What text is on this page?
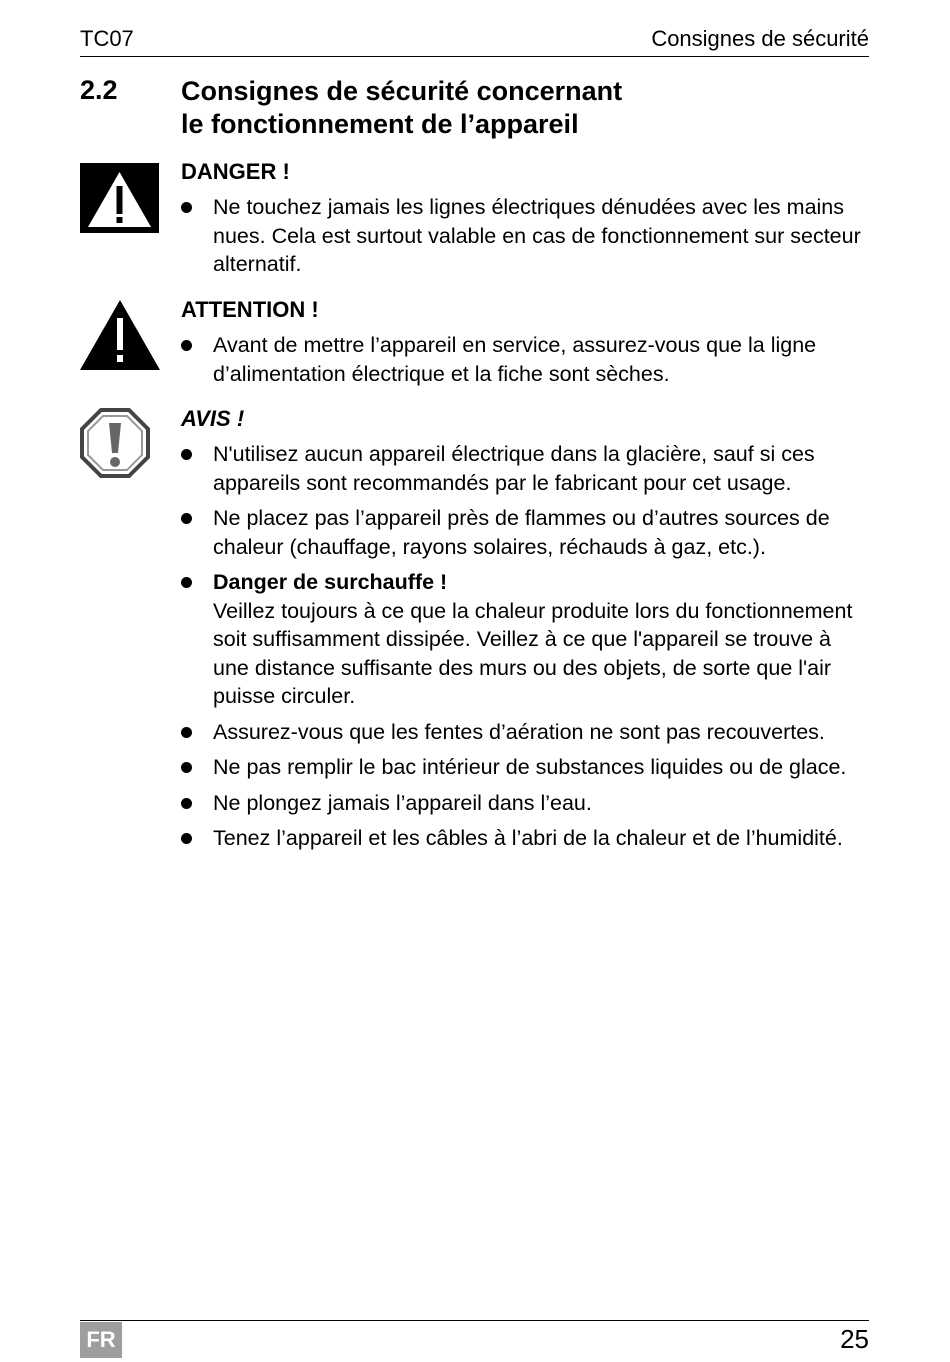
TC07	Consignes de sécurité
2.2 Consignes de sécurité concernant
le fonctionnement de l’appareil
DANGER !
Ne touchez jamais les lignes électriques dénudées avec les mains nues. Cela est surtout valable en cas de fonctionnement sur secteur alternatif.
ATTENTION !
Avant de mettre l’appareil en service, assurez-vous que la ligne d’alimentation électrique et la fiche sont sèches.
AVIS !
N'utilisez aucun appareil électrique dans la glacière, sauf si ces appareils sont recommandés par le fabricant pour cet usage.
Ne placez pas l’appareil près de flammes ou d’autres sources de chaleur (chauffage, rayons solaires, réchauds à gaz, etc.).
Danger de surchauffe !
Veillez toujours à ce que la chaleur produite lors du fonctionnement soit suffisamment dissipée. Veillez à ce que l'appareil se trouve à une distance suffisante des murs ou des objets, de sorte que l'air puisse circuler.
Assurez-vous que les fentes d’aération ne sont pas recouvertes.
Ne pas remplir le bac intérieur de substances liquides ou de glace.
Ne plongez jamais l’appareil dans l’eau.
Tenez l’appareil et les câbles à l’abri de la chaleur et de l’humidité.
FR	25
